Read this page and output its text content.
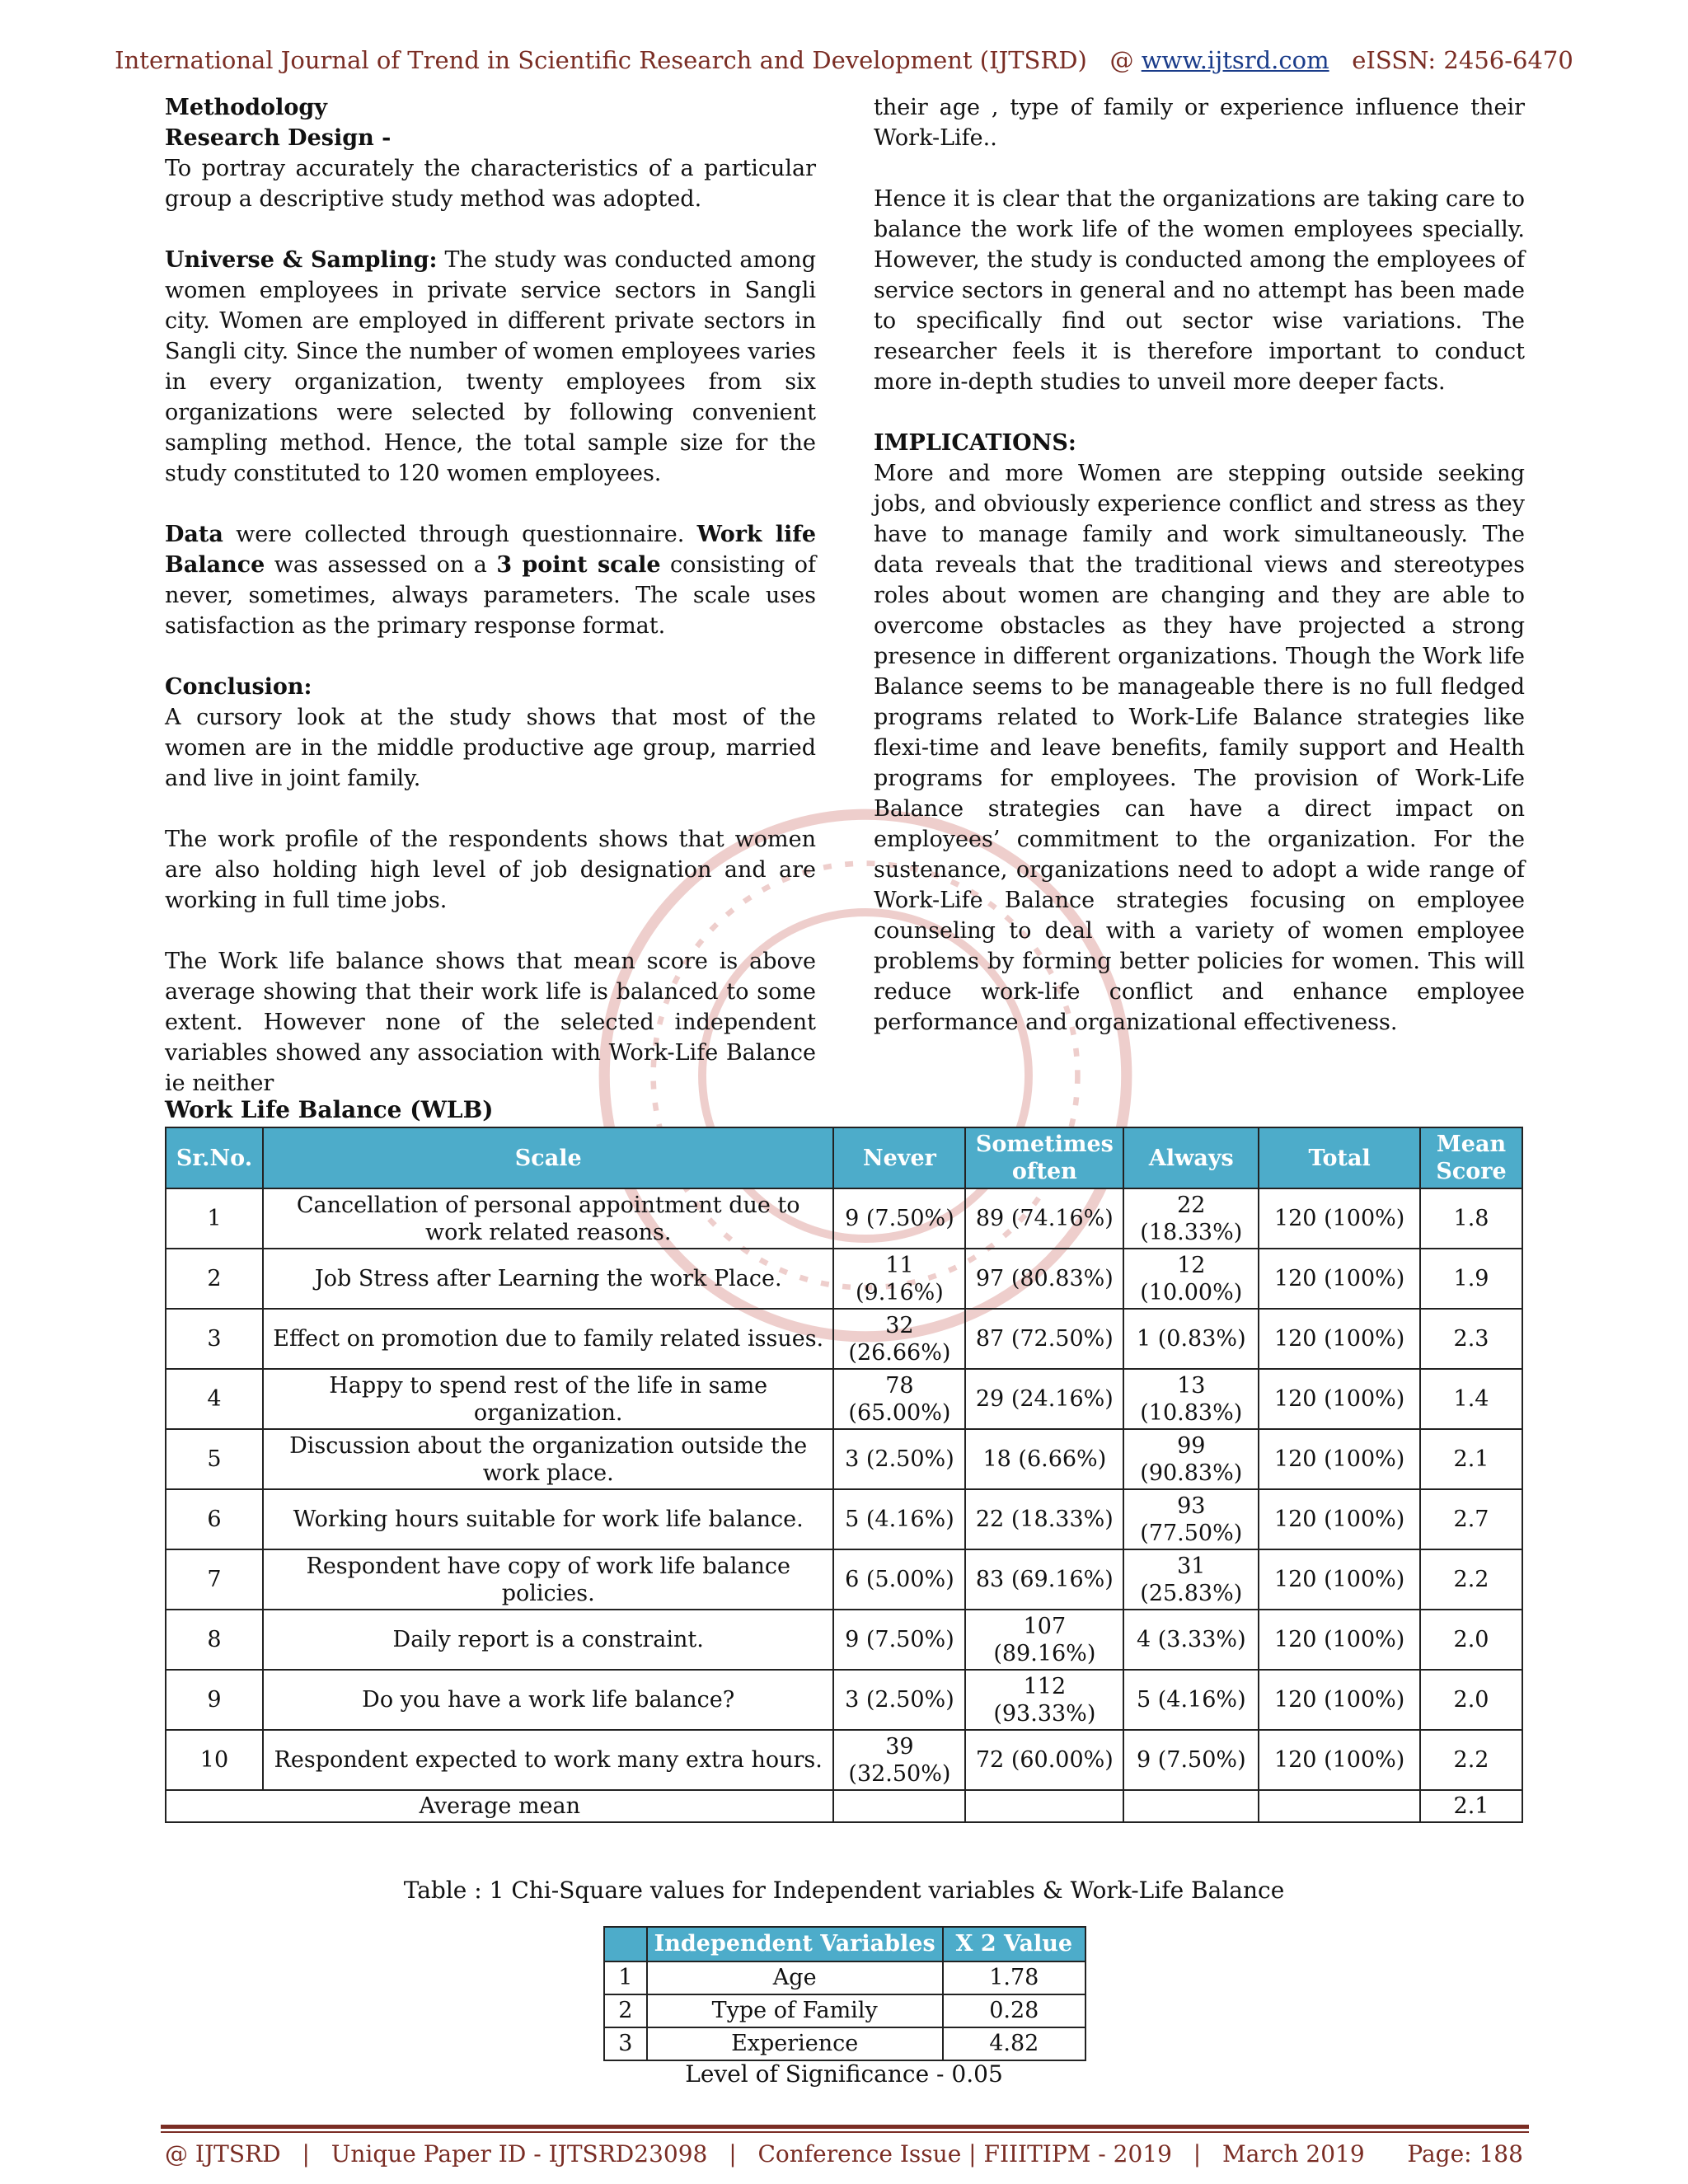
International Journal of Trend in Scientific Research and Development (IJTSRD) @ www.ijtsrd.com eISSN: 2456-6470

Methodology

Research Design -

To portray accurately the characteristics of a particular group a descriptive study method was adopted.

Universe & Sampling: The study was conducted among women employees in private service sectors in Sangli city. Women are employed in different private sectors in Sangli city. Since the number of women employees varies in every organization, twenty employees from six organizations were selected by following convenient sampling method. Hence, the total sample size for the study constituted to 120 women employees.

Data were collected through questionnaire. Work life Balance was assessed on a 3 point scale consisting of never, sometimes, always parameters. The scale uses satisfaction as the primary response format.

Conclusion:

A cursory look at the study shows that most of the women are in the middle productive age group, married and live in joint family.

The work profile of the respondents shows that women are also holding high level of job designation and are working in full time jobs.

The Work life balance shows that mean score is above average showing that their work life is balanced to some extent. However none of the selected independent variables showed any association with Work-Life Balance ie neither

their age , type of family or experience influence their Work-Life..

Hence it is clear that the organizations are taking care to balance the work life of the women employees specially. However, the study is conducted among the employees of service sectors in general and no attempt has been made to specifically find out sector wise variations. The researcher feels it is therefore important to conduct more in-depth studies to unveil more deeper facts.

IMPLICATIONS:

More and more Women are stepping outside seeking jobs, and obviously experience conflict and stress as they have to manage family and work simultaneously. The data reveals that the traditional views and stereotypes roles about women are changing and they are able to overcome obstacles as they have projected a strong presence in different organizations. Though the Work life Balance seems to be manageable there is no full fledged programs related to Work-Life Balance strategies like flexi-time and leave benefits, family support and Health programs for employees. The provision of Work-Life Balance strategies can have a direct impact on employees’ commitment to the organization. For the sustenance, organizations need to adopt a wide range of Work-Life Balance strategies focusing on employee counseling to deal with a variety of women employee problems by forming better policies for women. This will reduce work-life conflict and enhance employee performance and organizational effectiveness.

Work Life Balance (WLB)
Sr.No.	Scale	Never	Sometimes often	Always	Total	Mean Score
1	Cancellation of personal appointment due to work related reasons.	9 (7.50%)	89 (74.16%)	22 (18.33%)	120 (100%)	1.8
2	Job Stress after Learning the work Place.	11 (9.16%)	97 (80.83%)	12 (10.00%)	120 (100%)	1.9
3	Effect on promotion due to family related issues.	32 (26.66%)	87 (72.50%)	1 (0.83%)	120 (100%)	2.3
4	Happy to spend rest of the life in same organization.	78 (65.00%)	29 (24.16%)	13 (10.83%)	120 (100%)	1.4
5	Discussion about the organization outside the work place.	3 (2.50%)	18 (6.66%)	99 (90.83%)	120 (100%)	2.1
6	Working hours suitable for work life balance.	5 (4.16%)	22 (18.33%)	93 (77.50%)	120 (100%)	2.7
7	Respondent have copy of work life balance policies.	6 (5.00%)	83 (69.16%)	31 (25.83%)	120 (100%)	2.2
8	Daily report is a constraint.	9 (7.50%)	107 (89.16%)	4 (3.33%)	120 (100%)	2.0
9	Do you have a work life balance?	3 (2.50%)	112 (93.33%)	5 (4.16%)	120 (100%)	2.0
10	Respondent expected to work many extra hours.	39 (32.50%)	72 (60.00%)	9 (7.50%)	120 (100%)	2.2
Average mean						2.1
Table : 1 Chi-Square values for Independent variables & Work-Life Balance
	Independent Variables	X 2 Value
1	Age	1.78
2	Type of Family	0.28
3	Experience	4.82
Level of Significance - 0.05
@ IJTSRD | Unique Paper ID - IJTSRD23098 | Conference Issue | FIIITIPM - 2019 | March 2019 Page: 188
